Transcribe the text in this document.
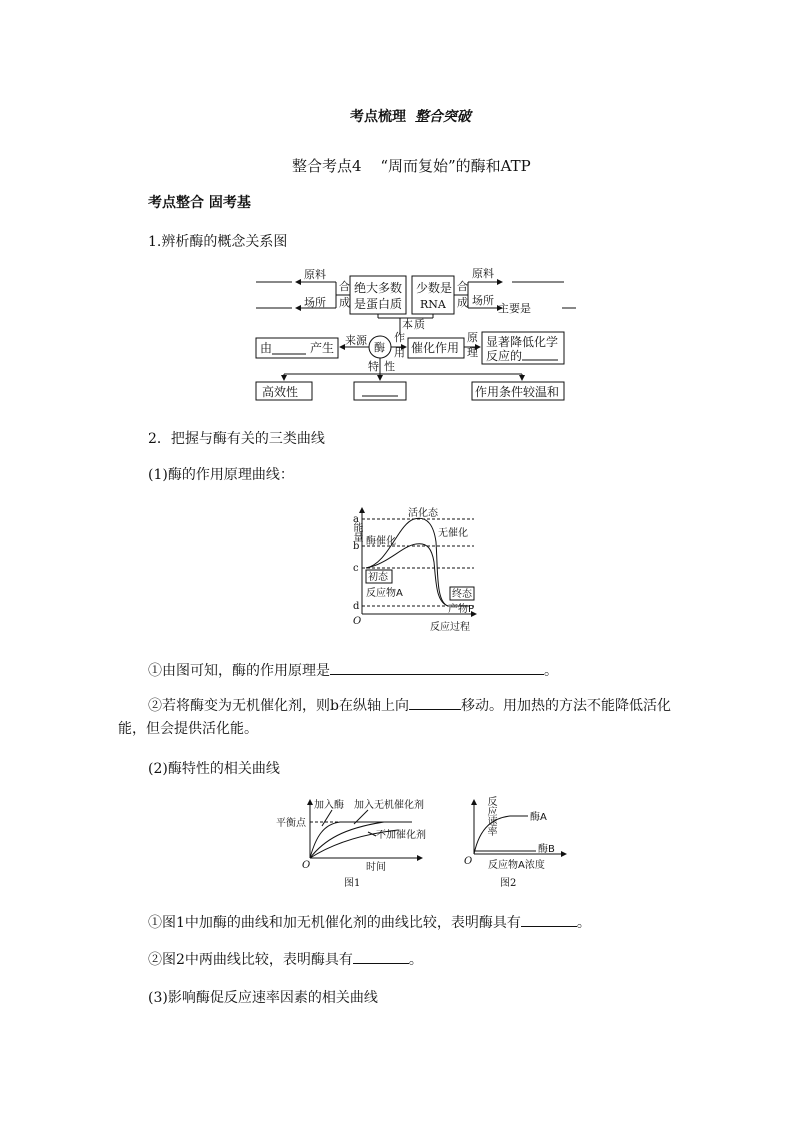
考点梳理 整合突破
整合考点4 “周而复始”的酶和ATP
考点整合 固考基
1.辨析酶的概念关系图
原料
场所
合
成
绝大多数
是蛋白质
少数是
RNA
合
成
原料
场所
主要是
本 质
来源
酶
作
用
由	产生	催化作用
原
理
显著降低化学
反应的
特 性
高效性	作用条件较温和
2．把握与酶有关的三类曲线
(1)酶的作用原理曲线：
能量
a
b
c
d
O
反应过程
活化态
无催化
酶催化
初态
反应物A	终态
产物P
①由图可知，酶的作用原理是	。
②若将酶变为无机催化剂，则b在纵轴上向	移动。用加热的方法不能降低活化
能，但会提供活化能。
(2)酶特性的相关曲线
平衡点
加入酶 加入无机催化剂
不加催化剂
O	时间
图1
反应速率
酶A
酶B
O 反应物A浓度
图2
①图1中加酶的曲线和加无机催化剂的曲线比较，表明酶具有	。
②图2中两曲线比较，表明酶具有	。
(3)影响酶促反应速率因素的相关曲线
